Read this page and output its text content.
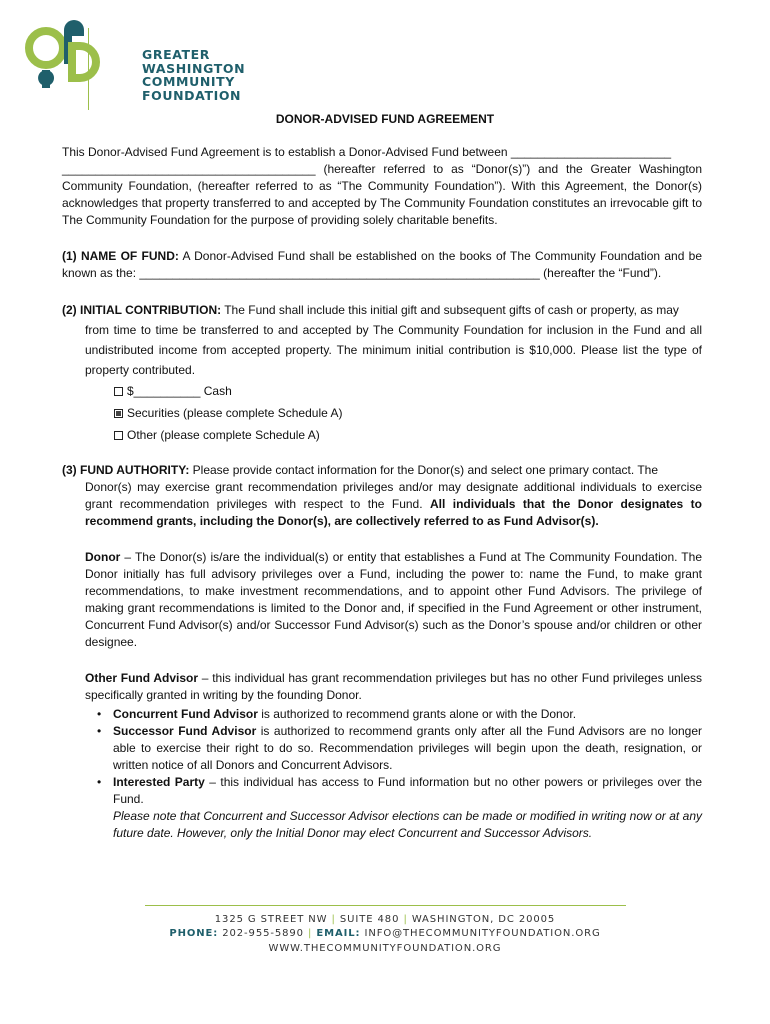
GREATER
WASHINGTON
COMMUNITY
FOUNDATION
DONOR-ADVISED FUND AGREEMENT
This Donor-Advised Fund Agreement is to establish a Donor-Advised Fund between ________________________
______________________________________ (hereafter referred to as “Donor(s)”) and the Greater Washington Community Foundation, (hereafter referred to as “The Community Foundation”). With this Agreement, the Donor(s) acknowledges that property transferred to and accepted by The Community Foundation constitutes an irrevocable gift to The Community Foundation for the purpose of providing solely charitable benefits.
(1) NAME OF FUND: A Donor-Advised Fund shall be established on the books of The Community Foundation and be known as the: ____________________________________________________________ (hereafter the “Fund”).
(2) INITIAL CONTRIBUTION: The Fund shall include this initial gift and subsequent gifts of cash or property, as may
from time to time be transferred to and accepted by The Community Foundation for inclusion in the Fund and all undistributed income from accepted property. The minimum initial contribution is $10,000. Please list the type of property contributed.
$__________ Cash
Securities (please complete Schedule A)
Other (please complete Schedule A)
(3) FUND AUTHORITY: Please provide contact information for the Donor(s) and select one primary contact. The
Donor(s) may exercise grant recommendation privileges and/or may designate additional individuals to exercise grant recommendation privileges with respect to the Fund. All individuals that the Donor designates to recommend grants, including the Donor(s), are collectively referred to as Fund Advisor(s).
Donor – The Donor(s) is/are the individual(s) or entity that establishes a Fund at The Community Foundation. The Donor initially has full advisory privileges over a Fund, including the power to: name the Fund, to make grant recommendations, to make investment recommendations, and to appoint other Fund Advisors. The privilege of making grant recommendations is limited to the Donor and, if specified in the Fund Agreement or other instrument, Concurrent Fund Advisor(s) and/or Successor Fund Advisor(s) such as the Donor’s spouse and/or children or other designee.
Other Fund Advisor – this individual has grant recommendation privileges but has no other Fund privileges unless specifically granted in writing by the founding Donor.
• Concurrent Fund Advisor is authorized to recommend grants alone or with the Donor.
• Successor Fund Advisor is authorized to recommend grants only after all the Fund Advisors are no longer able to exercise their right to do so. Recommendation privileges will begin upon the death, resignation, or written notice of all Donors and Concurrent Advisors.
• Interested Party – this individual has access to Fund information but no other powers or privileges over the Fund.
Please note that Concurrent and Successor Advisor elections can be made or modified in writing now or at any future date. However, only the Initial Donor may elect Concurrent and Successor Advisors.
1325 G STREET NW | SUITE 480 | WASHINGTON, DC 20005
PHONE: 202-955-5890 | EMAIL: INFO@THECOMMUNITYFOUNDATION.ORG
WWW.THECOMMUNITYFOUNDATION.ORG
